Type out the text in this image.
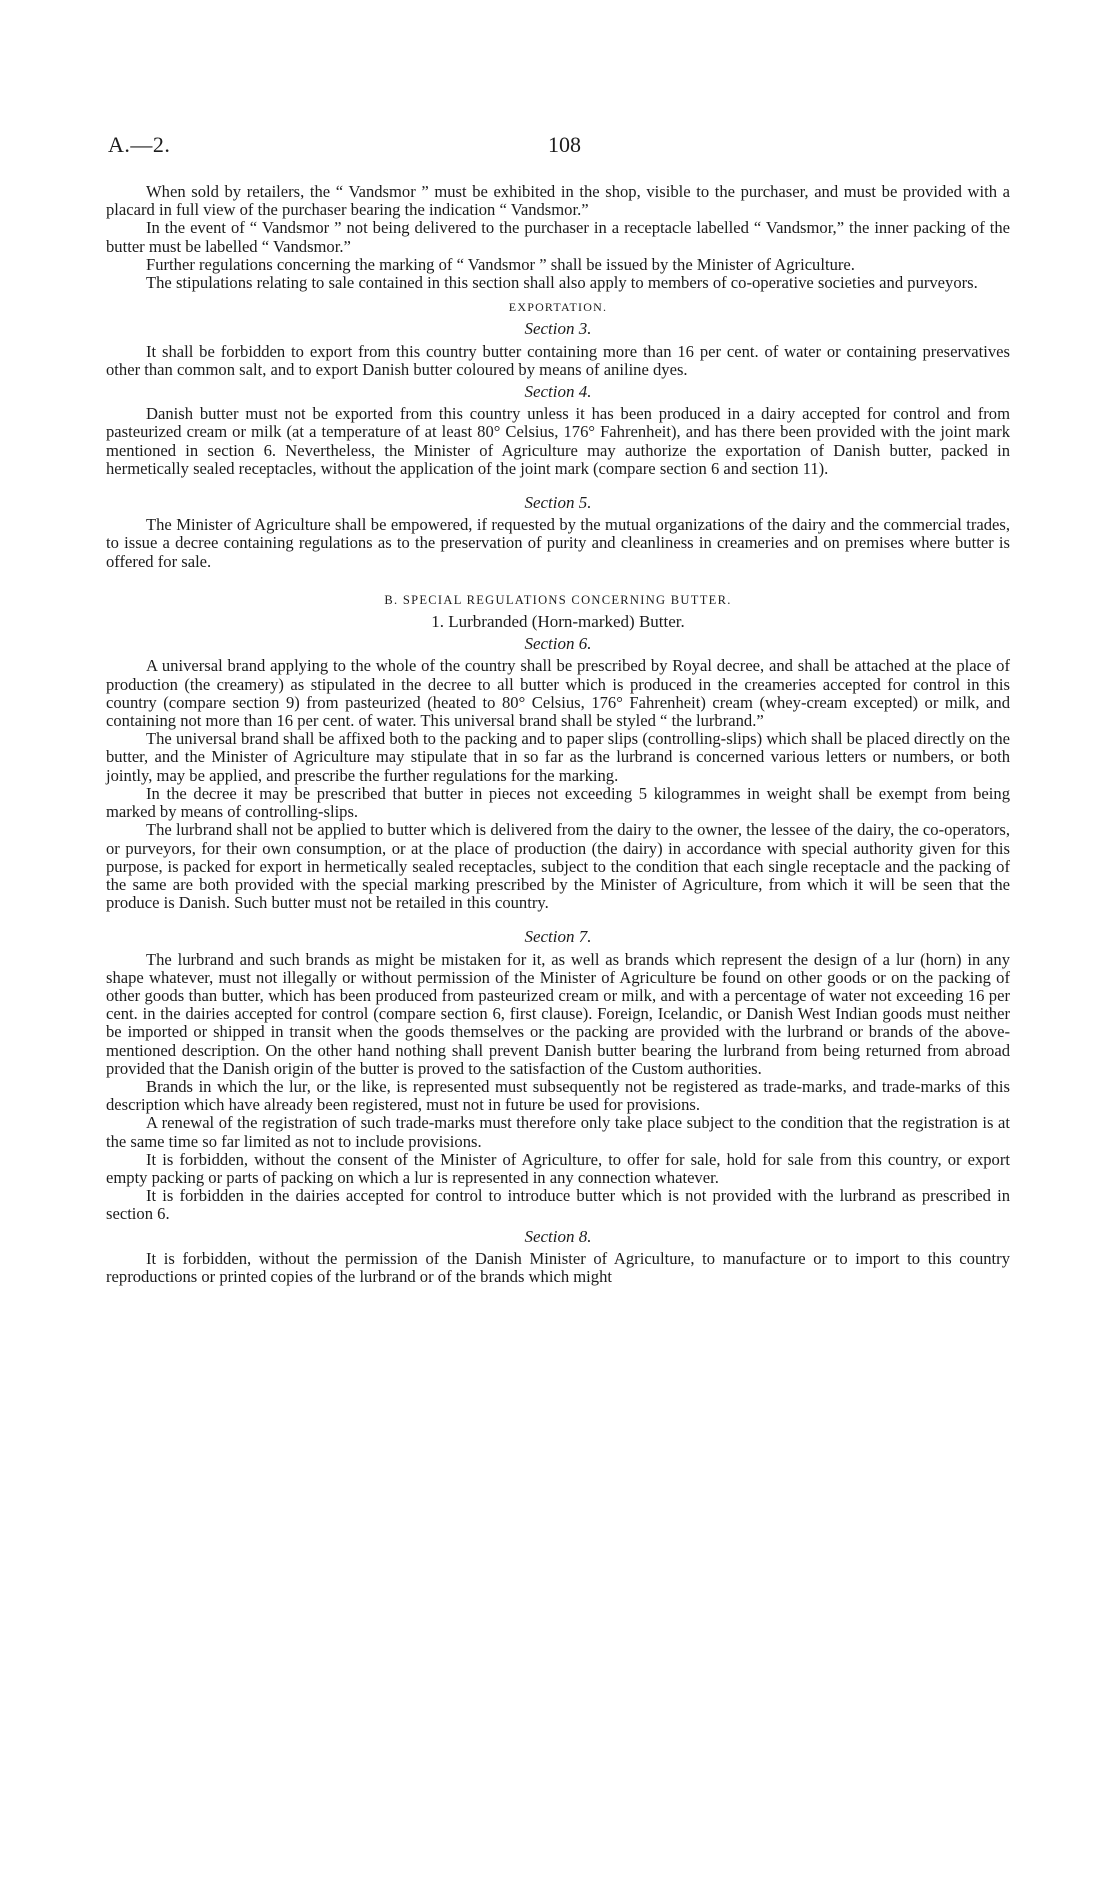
A.—2.	108

When sold by retailers, the “ Vandsmor ” must be exhibited in the shop, visible to the purchaser, and must be provided with a placard in full view of the purchaser bearing the indication “ Vandsmor.”

In the event of “ Vandsmor ” not being delivered to the purchaser in a receptacle labelled “ Vandsmor,” the inner packing of the butter must be labelled “ Vandsmor.”

Further regulations concerning the marking of “ Vandsmor ” shall be issued by the Minister of Agriculture.

The stipulations relating to sale contained in this section shall also apply to members of co-operative societies and purveyors.

EXPORTATION.
Section 3.

It shall be forbidden to export from this country butter containing more than 16 per cent. of water or containing preservatives other than common salt, and to export Danish butter coloured by means of aniline dyes.

Section 4.

Danish butter must not be exported from this country unless it has been produced in a dairy accepted for control and from pasteurized cream or milk (at a temperature of at least 80° Celsius, 176° Fahrenheit), and has there been provided with the joint mark mentioned in section 6. Nevertheless, the Minister of Agriculture may authorize the exportation of Danish butter, packed in hermetically sealed receptacles, without the application of the joint mark (compare section 6 and section 11).

Section 5.

The Minister of Agriculture shall be empowered, if requested by the mutual organizations of the dairy and the commercial trades, to issue a decree containing regulations as to the preservation of purity and cleanliness in creameries and on premises where butter is offered for sale.

B. SPECIAL REGULATIONS CONCERNING BUTTER.
1. Lurbranded (Horn-marked) Butter.
Section 6.

A universal brand applying to the whole of the country shall be prescribed by Royal decree, and shall be attached at the place of production (the creamery) as stipulated in the decree to all butter which is produced in the creameries accepted for control in this country (compare section 9) from pasteurized (heated to 80° Celsius, 176° Fahrenheit) cream (whey-cream excepted) or milk, and containing not more than 16 per cent. of water. This universal brand shall be styled “ the lurbrand.”

The universal brand shall be affixed both to the packing and to paper slips (controlling-slips) which shall be placed directly on the butter, and the Minister of Agriculture may stipulate that in so far as the lurbrand is concerned various letters or numbers, or both jointly, may be applied, and prescribe the further regulations for the marking.

In the decree it may be prescribed that butter in pieces not exceeding 5 kilogrammes in weight shall be exempt from being marked by means of controlling-slips.

The lurbrand shall not be applied to butter which is delivered from the dairy to the owner, the lessee of the dairy, the co-operators, or purveyors, for their own consumption, or at the place of production (the dairy) in accordance with special authority given for this purpose, is packed for export in hermetically sealed receptacles, subject to the condition that each single receptacle and the packing of the same are both provided with the special marking prescribed by the Minister of Agriculture, from which it will be seen that the produce is Danish. Such butter must not be retailed in this country.

Section 7.

The lurbrand and such brands as might be mistaken for it, as well as brands which represent the design of a lur (horn) in any shape whatever, must not illegally or without permission of the Minister of Agriculture be found on other goods or on the packing of other goods than butter, which has been produced from pasteurized cream or milk, and with a percentage of water not exceeding 16 per cent. in the dairies accepted for control (compare section 6, first clause). Foreign, Icelandic, or Danish West Indian goods must neither be imported or shipped in transit when the goods themselves or the packing are provided with the lurbrand or brands of the above-mentioned description. On the other hand nothing shall prevent Danish butter bearing the lurbrand from being returned from abroad provided that the Danish origin of the butter is proved to the satisfaction of the Custom authorities.

Brands in which the lur, or the like, is represented must subsequently not be registered as trade-marks, and trade-marks of this description which have already been registered, must not in future be used for provisions.

A renewal of the registration of such trade-marks must therefore only take place subject to the condition that the registration is at the same time so far limited as not to include provisions.

It is forbidden, without the consent of the Minister of Agriculture, to offer for sale, hold for sale from this country, or export empty packing or parts of packing on which a lur is represented in any connection whatever.

It is forbidden in the dairies accepted for control to introduce butter which is not provided with the lurbrand as prescribed in section 6.

Section 8.

It is forbidden, without the permission of the Danish Minister of Agriculture, to manufacture or to import to this country reproductions or printed copies of the lurbrand or of the brands which might
